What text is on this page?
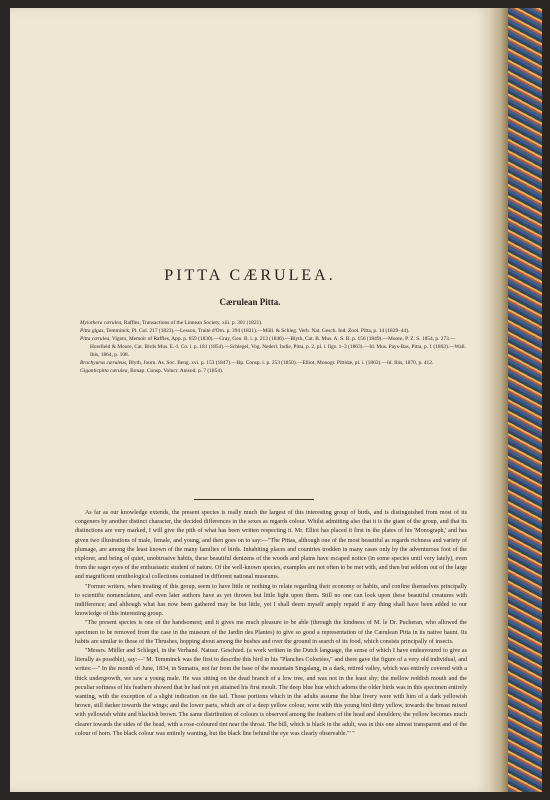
PITTA CÆRULEA.
Cærulean Pitta.

Myiothera cærulea, Raffles, Transactions of the Linnean Society, xiii. p. 301 (1821).

Pitta gigas, Temminck, Pl. Col. 217 (1823).—Lesson, Traité d'Orn. p. 394 (1831).—Müll. & Schleg. Verh. Nat. Gesch. Ind. Zool. Pitta, p. 14 (1839–44).

Pitta cærulea, Vigors, Memoir of Raffles, App. p. 659 (1830).—Gray, Gen. B. i. p. 213 (1846).—Blyth, Cat. B. Mus. A. S. B. p. 156 (1849).—Moore, P. Z. S. 1854, p. 273.—Horsfield & Moore, Cat. Birds Mus. E.-I. Co. i. p. 181 (1854).—Schlegel, Vog. Nederl. Indie, Pitta, p. 2, pl. i. figs. 1–3 (1863).—Id. Mus. Pays-Bas, Pitta, p. 1 (1863).—Wall. Ibis, 1864, p. 108.

Brachyurus cæruleus, Blyth, Journ. As. Soc. Beng. xvi. p. 153 (1847).—Bp. Consp. i. p. 253 (1850).—Elliot, Monogr. Pittidæ, pl. i. (1863).—Id. Ibis, 1870, p. 412.

Giganticpitta cærulea, Bonap. Consp. Volucr. Anisod. p. 7 (1854).

As far as our knowledge extends, the present species is really much the largest of this interesting group of birds, and is distinguished from most of its congeners by another distinct character, the decided differences in the sexes as regards colour. Whilst admitting also that it is the giant of the group, and that its distinctions are very marked, I will give the pith of what has been written respecting it. Mr. Elliot has placed it first in the plates of his 'Monograph,' and has given two illustrations of male, female, and young, and then goes on to say:—"The Pittas, although one of the most beautiful as regards richness and variety of plumage, are among the least known of the many families of birds. Inhabiting places and countries trodden in many cases only by the adventurous foot of the explorer, and being of quiet, unobtrusive habits, these beautiful denizens of the woods and plains have escaped notice (in some species until very lately), even from the eager eyes of the enthusiastic student of nature. Of the well-known species, examples are not often to be met with, and then but seldom out of the large and magnificent ornithological collections contained in different national museums.

"Former writers, when treating of this group, seem to have little or nothing to relate regarding their economy or habits, and confine themselves principally to scientific nomenclature, and even later authors have as yet thrown but little light upon them. Still no one can look upon these beautiful creatures with indifference; and although what has now been gathered may be but little, yet I shall deem myself amply repaid if any thing shall have been added to our knowledge of this interesting group.

"The present species is one of the handsomest; and it gives me much pleasure to be able (through the kindness of M. le Dr. Pucheran, who allowed the specimen to be removed from the case in the museum of the Jardin des Plantes) to give so good a representation of the Cærulean Pitta in its native haunt. Its habits are similar to those of the Thrushes, hopping about among the bushes and over the ground in search of its food, which consists principally of insects.

"Messrs. Müller and Schlegel, in the Verhand. Natuur. Geschied. (a work written in the Dutch language, the sense of which I have endeavoured to give as literally as possible), say:—' M. Temminck was the first to describe this bird in his "Planches Coloriées," and there gave the figure of a very old individual, and writes:—" In the month of June, 1834, in Sumatra, not far from the base of the mountain Singalang, in a dark, retired valley, which was entirely covered with a thick undergrowth, we saw a young male. He was sitting on the dead branch of a low tree, and was not in the least shy; the mellow reddish mouth and the peculiar softness of his feathers showed that he had not yet attained his first moult. The deep blue hue which adorns the older birds was in this specimen entirely wanting, with the exception of a slight indication on the tail. Those portions which in the adults assume the blue livery were with him of a dark yellowish brown, still darker towards the wings; and the lower parts, which are of a deep yellow colour, were with this young bird dirty yellow, towards the breast mixed with yellowish white and blackish brown. The same distribution of colours is observed among the feathers of the head and shoulders; the yellow becomes much clearer towards the sides of the head, with a rose-coloured tint near the throat. The bill, which is black in the adult, was in this one almost transparent and of the colour of horn. The black colour was entirely wanting, but the black line behind the eye was clearly observable."' "
